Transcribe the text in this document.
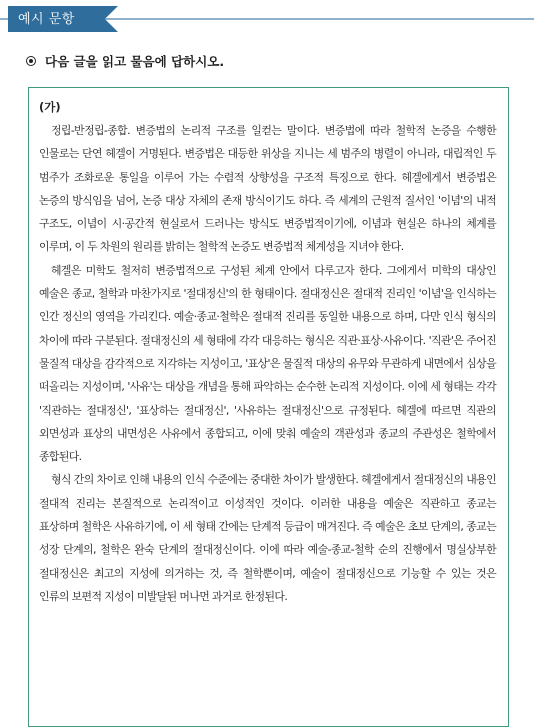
예시 문항
다음 글을 읽고 물음에 답하시오.
(가)

정립-반정립-종합. 변증법의 논리적 구조를 일컫는 말이다. 변증법에 따라 철학적 논증을 수행한 인물로는 단연 헤겔이 거명된다. 변증법은 대등한 위상을 지니는 세 범주의 병렬이 아니라, 대립적인 두 범주가 조화로운 통일을 이루어 가는 수렴적 상향성을 구조적 특징으로 한다. 헤겔에게서 변증법은 논증의 방식임을 넘어, 논증 대상 자체의 존재 방식이기도 하다. 즉 세계의 근원적 질서인 '이념'의 내적 구조도, 이념이 시·공간적 현실로서 드러나는 방식도 변증법적이기에, 이념과 현실은 하나의 체계를 이루며, 이 두 차원의 원리를 밝히는 철학적 논증도 변증법적 체계성을 지녀야 한다.

헤겔은 미학도 철저히 변증법적으로 구성된 체계 안에서 다루고자 한다. 그에게서 미학의 대상인 예술은 종교, 철학과 마찬가지로 '절대정신'의 한 형태이다. 절대정신은 절대적 진리인 '이념'을 인식하는 인간 정신의 영역을 가리킨다. 예술·종교·철학은 절대적 진리를 동일한 내용으로 하며, 다만 인식 형식의 차이에 따라 구분된다. 절대정신의 세 형태에 각각 대응하는 형식은 직관·표상·사유이다. '직관'은 주어진 물질적 대상을 감각적으로 지각하는 지성이고, '표상'은 물질적 대상의 유무와 무관하게 내면에서 심상을 떠올리는 지성이며, '사유'는 대상을 개념을 통해 파악하는 순수한 논리적 지성이다. 이에 세 형태는 각각 '직관하는 절대정신', '표상하는 절대정신', '사유하는 절대정신'으로 규정된다. 헤겔에 따르면 직관의 외면성과 표상의 내면성은 사유에서 종합되고, 이에 맞춰 예술의 객관성과 종교의 주관성은 철학에서 종합된다.

형식 간의 차이로 인해 내용의 인식 수준에는 중대한 차이가 발생한다. 헤겔에게서 절대정신의 내용인 절대적 진리는 본질적으로 논리적이고 이성적인 것이다. 이러한 내용을 예술은 직관하고 종교는 표상하며 철학은 사유하기에, 이 세 형태 간에는 단계적 등급이 매겨진다. 즉 예술은 초보 단계의, 종교는 성장 단계의, 철학은 완숙 단계의 절대정신이다. 이에 따라 예술-종교-철학 순의 진행에서 명실상부한 절대정신은 최고의 지성에 의거하는 것, 즉 철학뿐이며, 예술이 절대정신으로 기능할 수 있는 것은 인류의 보편적 지성이 미발달된 머나먼 과거로 한정된다.
